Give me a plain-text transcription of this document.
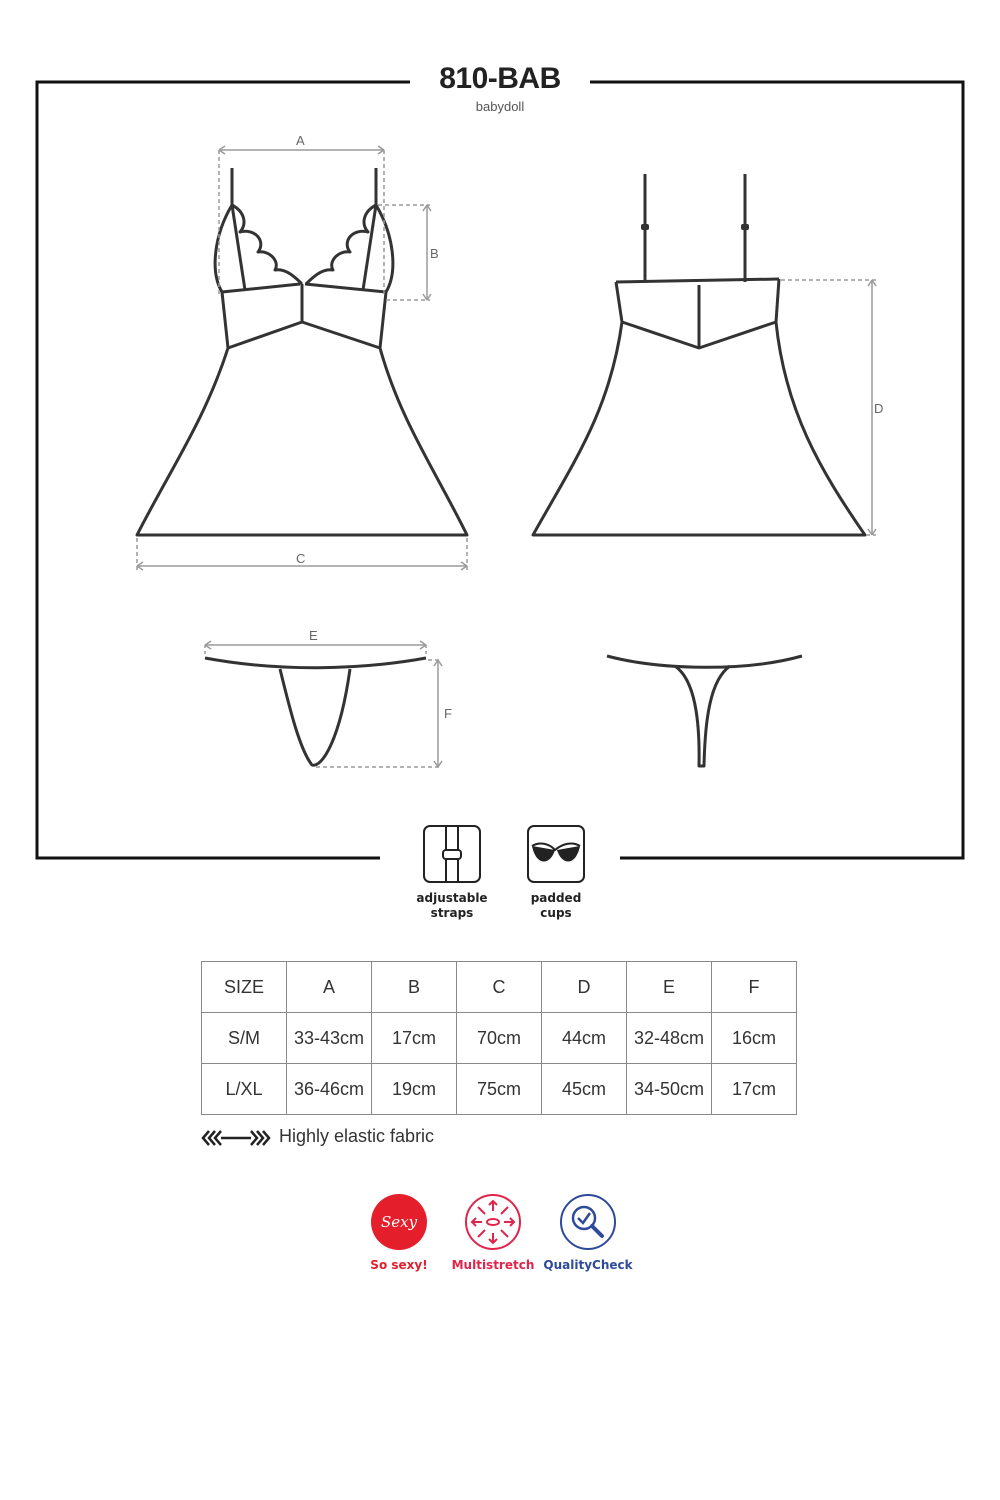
810-BAB
babydoll
A
B
C
D
E
F
adjustable
straps
padded
cups
SIZE	A	B	C	D	E	F
S/M	33-43cm	17cm	70cm	44cm	32-48cm	16cm
L/XL	36-46cm	19cm	75cm	45cm	34-50cm	17cm
Highly elastic fabric
Sexy
So sexy!	Multistretch QualityCheck
